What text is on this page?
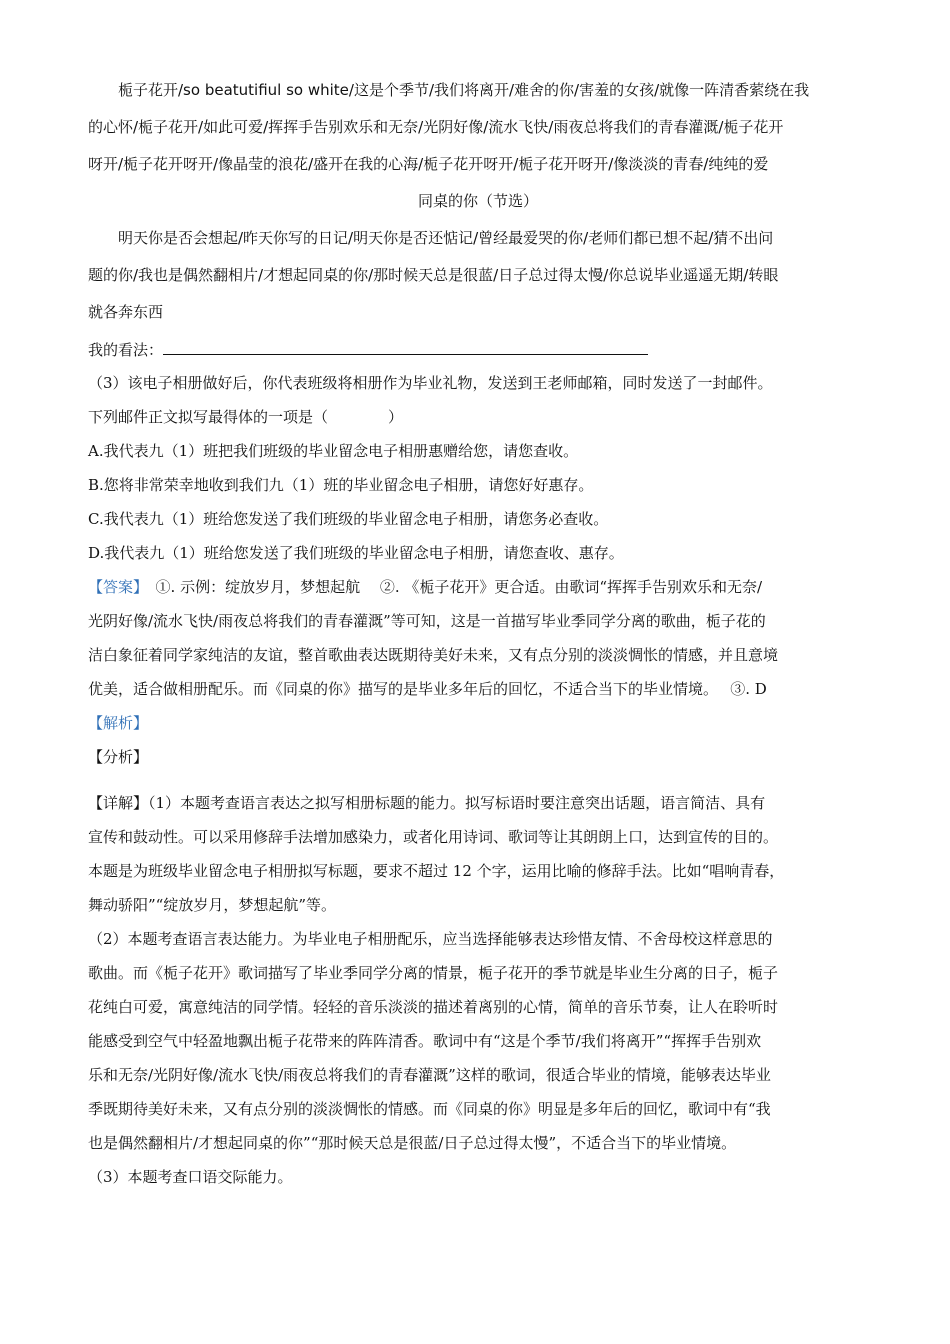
栀子花开/so beatutifiul so white/这是个季节/我们将离开/难舍的你/害羞的女孩/就像一阵清香萦绕在我
的心怀/栀子花开/如此可爱/挥挥手告别欢乐和无奈/光阴好像/流水飞快/雨夜总将我们的青春灌溉/栀子花开
呀开/栀子花开呀开/像晶莹的浪花/盛开在我的心海/栀子花开呀开/栀子花开呀开/像淡淡的青春/纯纯的爱
同桌的你（节选）
明天你是否会想起/昨天你写的日记/明天你是否还惦记/曾经最爱哭的你/老师们都已想不起/猜不出问
题的你/我也是偶然翻相片/才想起同桌的你/那时候天总是很蓝/日子总过得太慢/你总说毕业遥遥无期/转眼
就各奔东西
我的看法：
（3）该电子相册做好后，你代表班级将相册作为毕业礼物，发送到王老师邮箱，同时发送了一封邮件。
下列邮件正文拟写最得体的一项是（	）
A.我代表九（1）班把我们班级的毕业留念电子相册惠赠给您，请您查收。
B.您将非常荣幸地收到我们九（1）班的毕业留念电子相册，请您好好惠存。
C.我代表九（1）班给您发送了我们班级的毕业留念电子相册，请您务必查收。
D.我代表九（1）班给您发送了我们班级的毕业留念电子相册，请您查收、惠存。
【答案】　 ①. 示例：绽放岁月，梦想起航　 ②. 《栀子花开》更合适。由歌词“挥挥手告别欢乐和无奈/
光阴好像/流水飞快/雨夜总将我们的青春灌溉”等可知，这是一首描写毕业季同学分离的歌曲，栀子花的
洁白象征着同学家纯洁的友谊，整首歌曲表达既期待美好未来，又有点分别的淡淡惆怅的情感，并且意境
优美，适合做相册配乐。而《同桌的你》描写的是毕业多年后的回忆，不适合当下的毕业情境。　 ③. D
【解析】
【分析】
【详解】（1）本题考查语言表达之拟写相册标题的能力。拟写标语时要注意突出话题，语言简洁、具有
宣传和鼓动性。可以采用修辞手法增加感染力，或者化用诗词、歌词等让其朗朗上口，达到宣传的目的。
本题是为班级毕业留念电子相册拟写标题，要求不超过 12 个字，运用比喻的修辞手法。比如“唱响青春，
舞动骄阳”“绽放岁月，梦想起航”等。
（2）本题考查语言表达能力。为毕业电子相册配乐，应当选择能够表达珍惜友情、不舍母校这样意思的
歌曲。而《栀子花开》歌词描写了毕业季同学分离的情景，栀子花开的季节就是毕业生分离的日子，栀子
花纯白可爱，寓意纯洁的同学情。轻轻的音乐淡淡的描述着离别的心情，简单的音乐节奏，让人在聆听时
能感受到空气中轻盈地飘出栀子花带来的阵阵清香。歌词中有“这是个季节/我们将离开”“挥挥手告别欢
乐和无奈/光阴好像/流水飞快/雨夜总将我们的青春灌溉”这样的歌词，很适合毕业的情境，能够表达毕业
季既期待美好未来，又有点分别的淡淡惆怅的情感。而《同桌的你》明显是多年后的回忆，歌词中有“我
也是偶然翻相片/才想起同桌的你”“那时候天总是很蓝/日子总过得太慢”，不适合当下的毕业情境。
（3）本题考查口语交际能力。
